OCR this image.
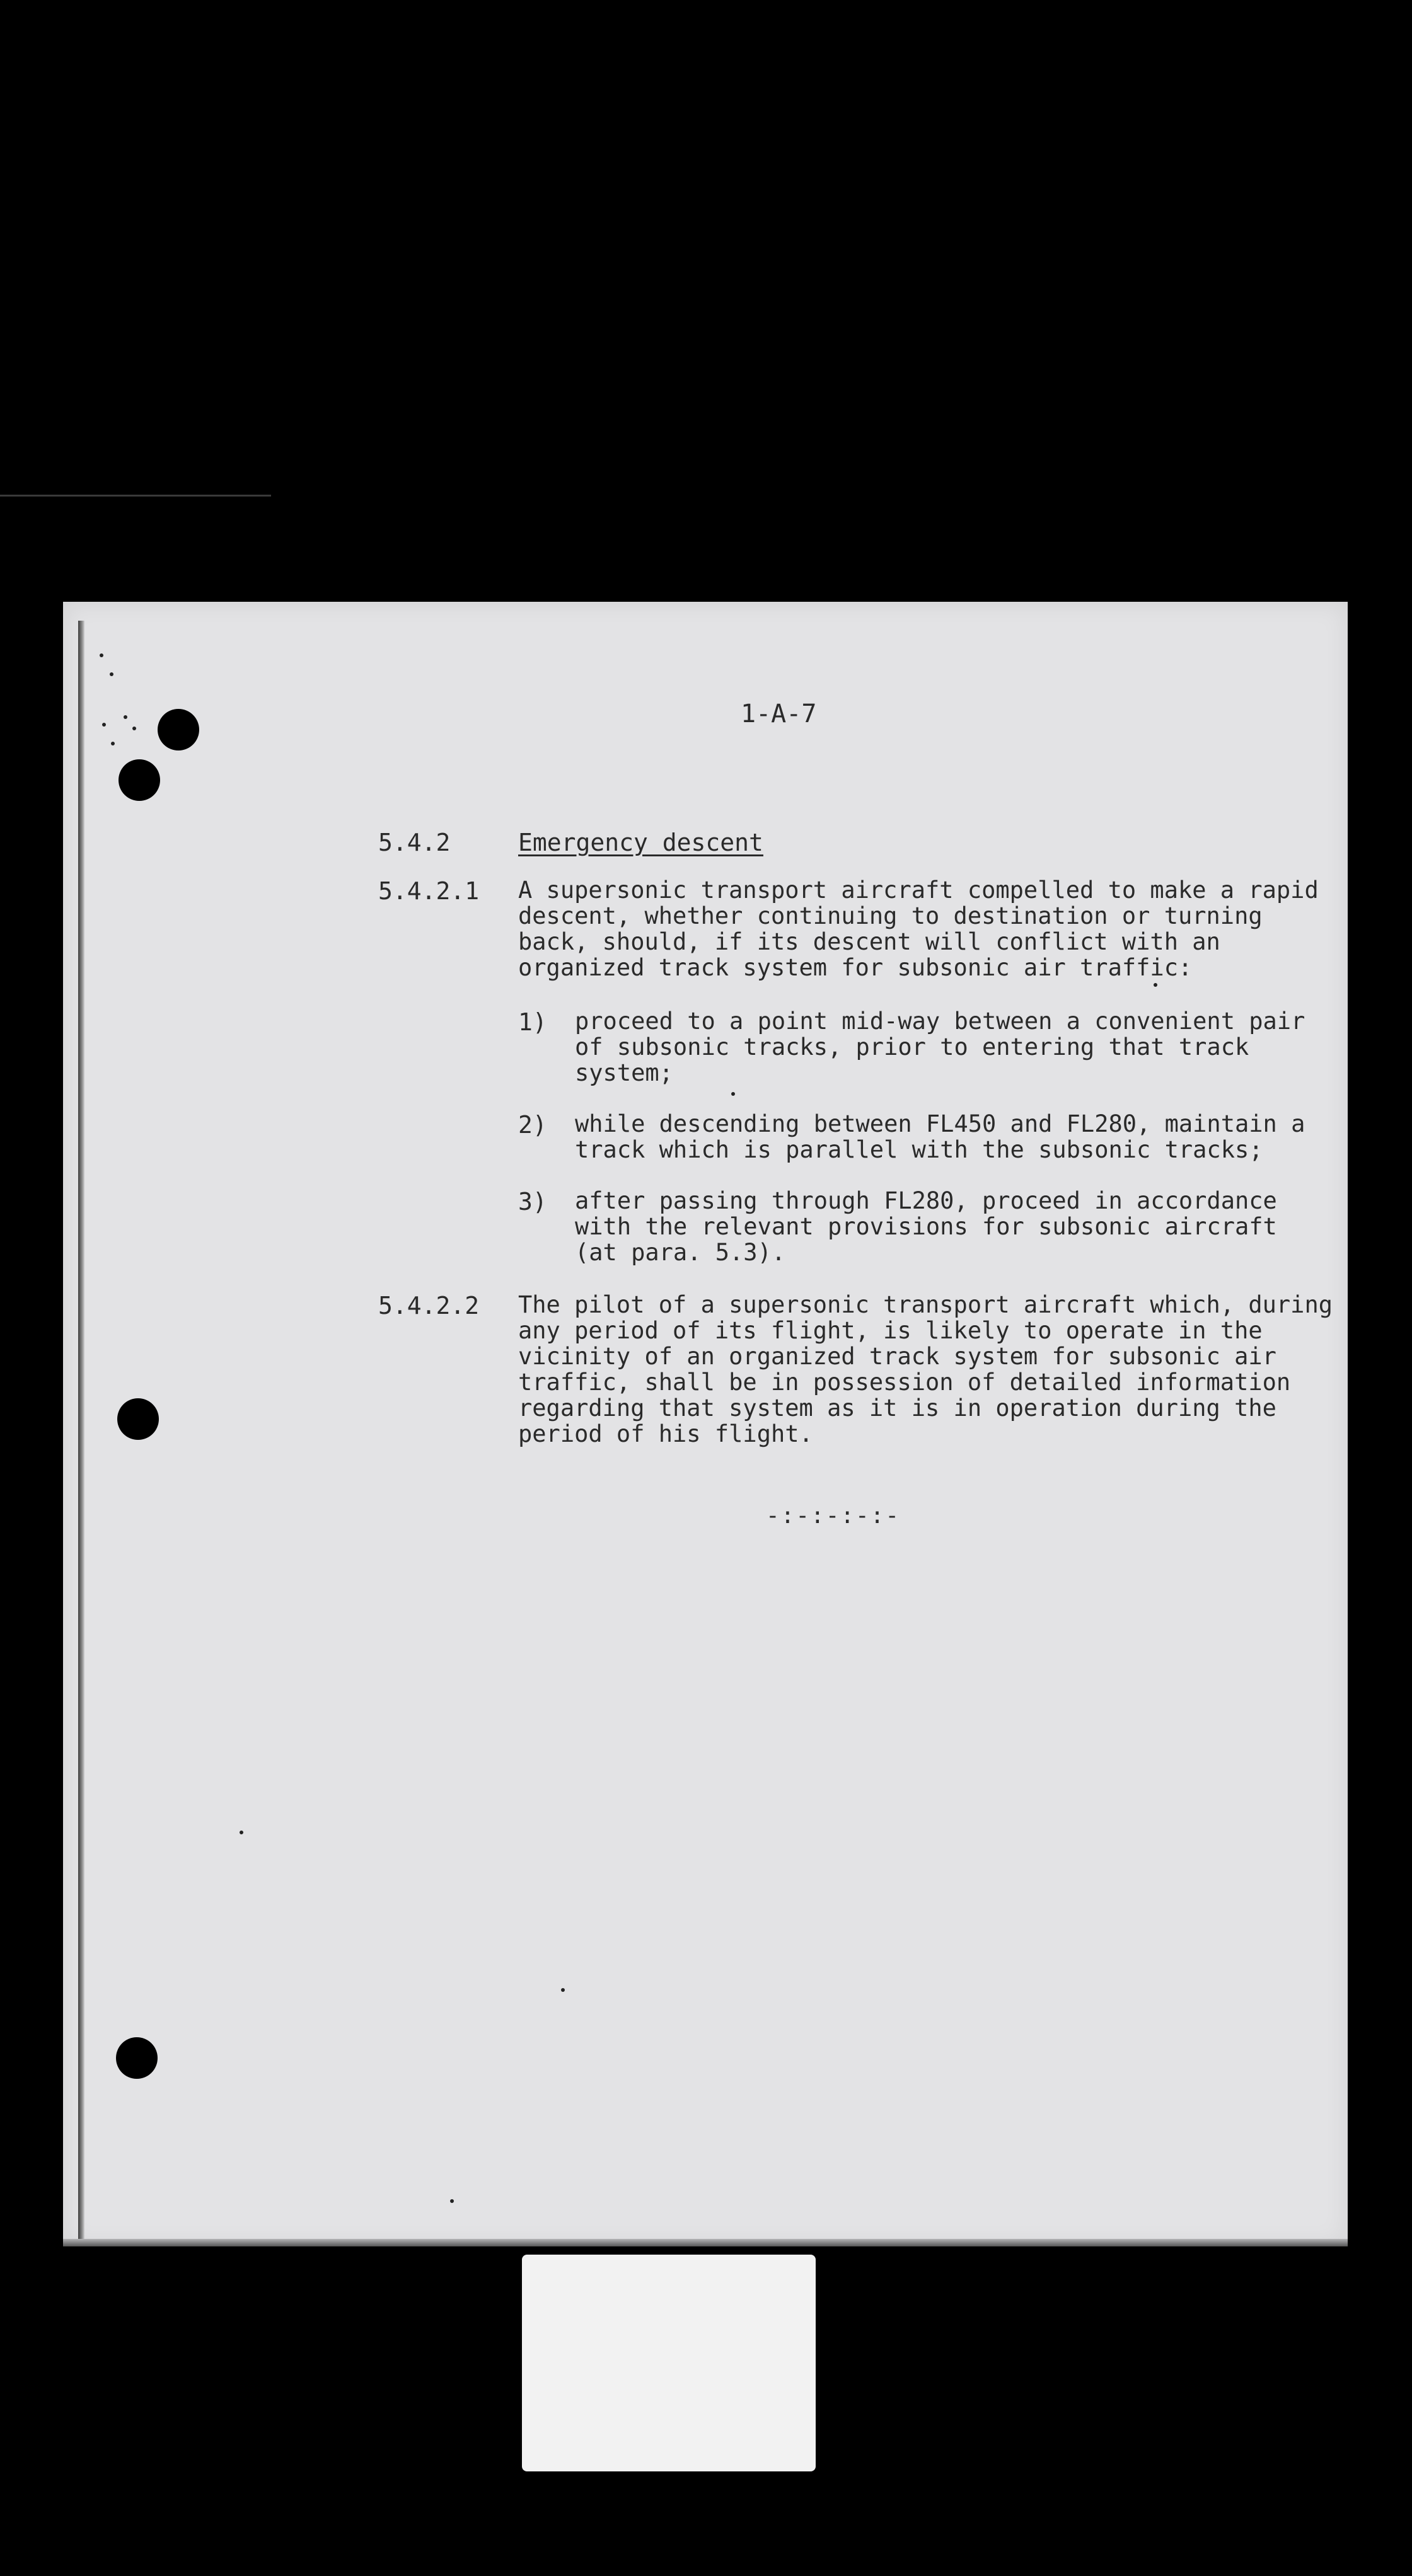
1-A-7
5.4.2	Emergency descent
5.4.2.1 A supersonic transport aircraft compelled to make a rapid descent, whether continuing to destination or turning back, should, if its descent will conflict with an organized track system for subsonic air traffic:

1) proceed to a point mid-way between a convenient pair of subsonic tracks, prior to entering that track system;

2) while descending between FL450 and FL280, maintain a track which is parallel with the subsonic tracks;

3) after passing through FL280, proceed in accordance with the relevant provisions for subsonic aircraft (at para. 5.3).

5.4.2.2 The pilot of a supersonic transport aircraft which, during any period of its flight, is likely to operate in the vicinity of an organized track system for subsonic air traffic, shall be in possession of detailed information regarding that system as it is in operation during the period of his flight.

-:-:-:-:-
